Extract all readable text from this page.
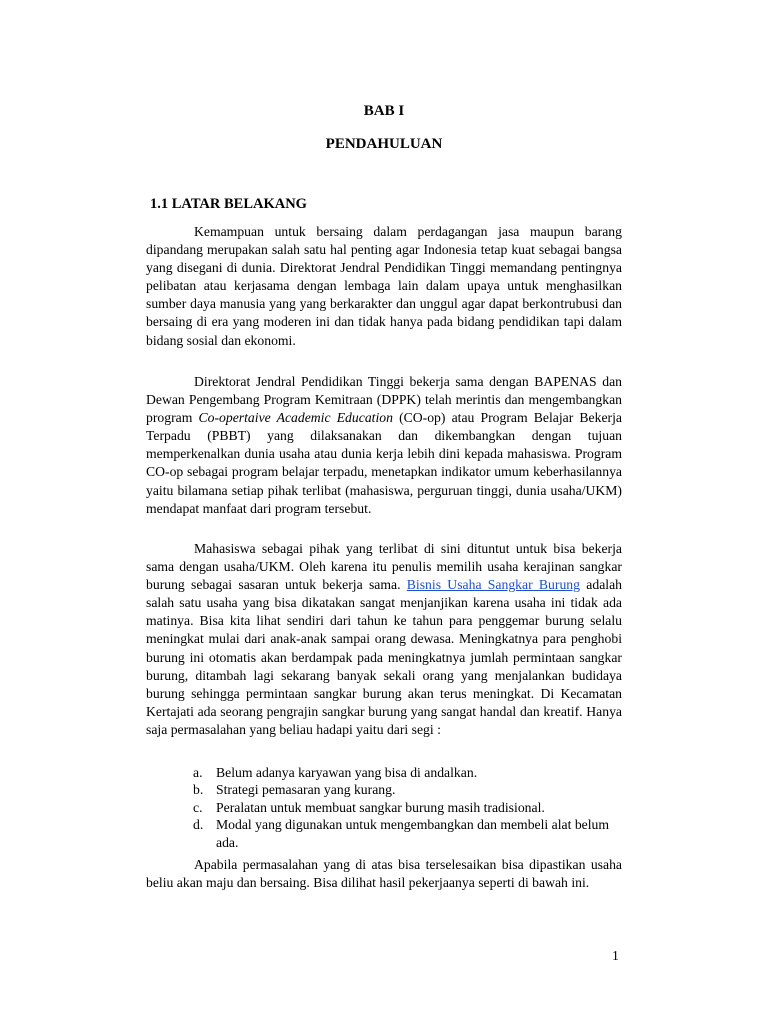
BAB I
PENDAHULUAN
1.1 LATAR BELAKANG

Kemampuan untuk bersaing dalam perdagangan jasa maupun barang dipandang merupakan salah satu hal penting agar Indonesia tetap kuat sebagai bangsa yang disegani di dunia. Direktorat Jendral Pendidikan Tinggi memandang pentingnya pelibatan atau kerjasama dengan lembaga lain dalam upaya untuk menghasilkan sumber daya manusia yang yang berkarakter dan unggul agar dapat berkontrubusi dan bersaing di era yang moderen ini dan tidak hanya pada bidang pendidikan tapi dalam bidang sosial dan ekonomi.

Direktorat Jendral Pendidikan Tinggi bekerja sama dengan BAPENAS dan Dewan Pengembang Program Kemitraan (DPPK) telah merintis dan mengembangkan program Co-opertaive Academic Education (CO-op) atau Program Belajar Bekerja Terpadu (PBBT) yang dilaksanakan dan dikembangkan dengan tujuan memperkenalkan dunia usaha atau dunia kerja lebih dini kepada mahasiswa. Program CO-op sebagai program belajar terpadu, menetapkan indikator umum keberhasilannya yaitu bilamana setiap pihak terlibat (mahasiswa, perguruan tinggi, dunia usaha/UKM) mendapat manfaat dari program tersebut.

Mahasiswa sebagai pihak yang terlibat di sini dituntut untuk bisa bekerja sama dengan usaha/UKM. Oleh karena itu penulis memilih usaha kerajinan sangkar burung sebagai sasaran untuk bekerja sama. Bisnis Usaha Sangkar Burung adalah salah satu usaha yang bisa dikatakan sangat menjanjikan karena usaha ini tidak ada matinya. Bisa kita lihat sendiri dari tahun ke tahun para penggemar burung selalu meningkat mulai dari anak-anak sampai orang dewasa. Meningkatnya para penghobi burung ini otomatis akan berdampak pada meningkatnya jumlah permintaan sangkar burung, ditambah lagi sekarang banyak sekali orang yang menjalankan budidaya burung sehingga permintaan sangkar burung akan terus meningkat. Di Kecamatan Kertajati ada seorang pengrajin sangkar burung yang sangat handal dan kreatif. Hanya saja permasalahan yang beliau hadapi yaitu dari segi :

a. Belum adanya karyawan yang bisa di andalkan.
b. Strategi pemasaran yang kurang.
c. Peralatan untuk membuat sangkar burung masih tradisional.
d. Modal yang digunakan untuk mengembangkan dan membeli alat belum ada.

Apabila permasalahan yang di atas bisa terselesaikan bisa dipastikan usaha beliu akan maju dan bersaing. Bisa dilihat hasil pekerjaanya seperti di bawah ini.

1
